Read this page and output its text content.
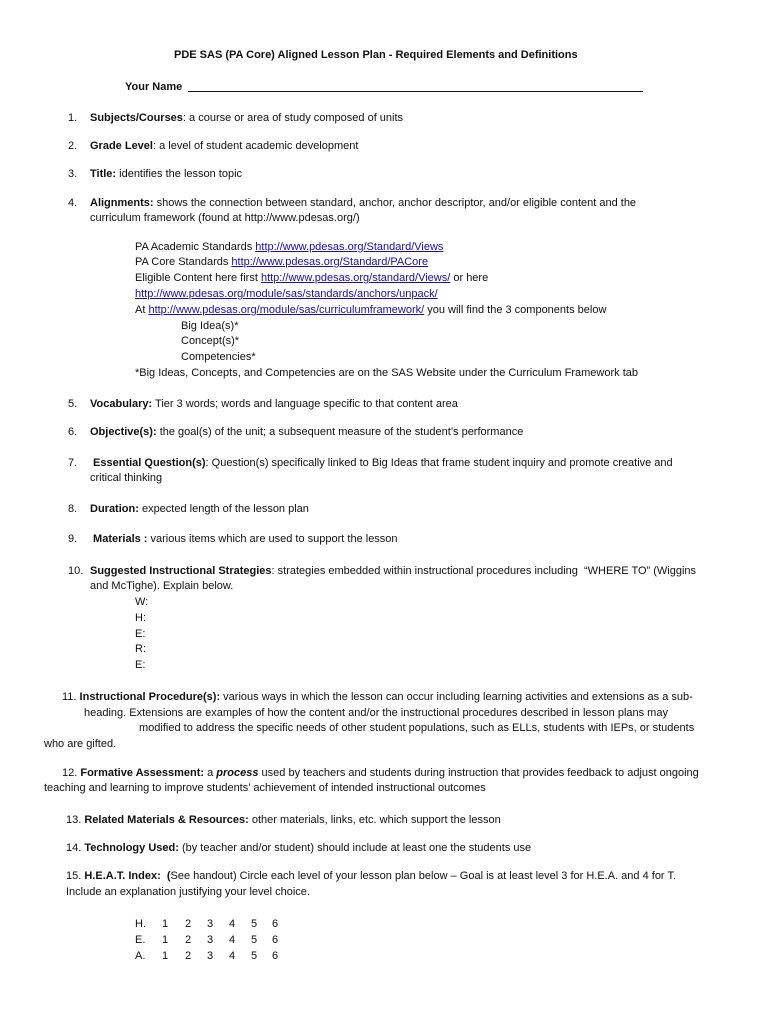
PDE SAS (PA Core) Aligned Lesson Plan - Required Elements and Definitions
Your Name
1.	Subjects/Courses: a course or area of study composed of units
2.	Grade Level: a level of student academic development
3.	Title: identifies the lesson topic
4.	Alignments: shows the connection between standard, anchor, anchor descriptor, and/or eligible content and the
curriculum framework (found at http://www.pdesas.org/)
PA Academic Standards http://www.pdesas.org/Standard/Views
PA Core Standards http://www.pdesas.org/Standard/PACore
Eligible Content here first http://www.pdesas.org/standard/Views/ or here
http://www.pdesas.org/module/sas/standards/anchors/unpack/
At http://www.pdesas.org/module/sas/curriculumframework/ you will find the 3 components below
Big Idea(s)*
Concept(s)*
Competencies*
*Big Ideas, Concepts, and Competencies are on the SAS Website under the Curriculum Framework tab
5.	Vocabulary: Tier 3 words; words and language specific to that content area
6.	Objective(s): the goal(s) of the unit; a subsequent measure of the student’s performance
7.	Essential Question(s): Question(s) specifically linked to Big Ideas that frame student inquiry and promote creative and
critical thinking
8.	Duration: expected length of the lesson plan
9.	Materials : various items which are used to support the lesson
10. Suggested Instructional Strategies: strategies embedded within instructional procedures including  “WHERE TO” (Wiggins
and McTighe). Explain below.
W:
H:
E:
R:
E:
11. Instructional Procedure(s): various ways in which the lesson can occur including learning activities and extensions as a sub-
heading. Extensions are examples of how the content and/or the instructional procedures described in lesson plans may
modified to address the specific needs of other student populations, such as ELLs, students with IEPs, or students
who are gifted.
12. Formative Assessment: a process used by teachers and students during instruction that provides feedback to adjust ongoing
teaching and learning to improve students’ achievement of intended instructional outcomes
13. Related Materials & Resources: other materials, links, etc. which support the lesson
14. Technology Used: (by teacher and/or student) should include at least one the students use
15. H.E.A.T. Index:  (See handout) Circle each level of your lesson plan below – Goal is at least level 3 for H.E.A. and 4 for T.
Include an explanation justifying your level choice.
H. 1 2 3 4 5 6
E. 1 2 3 4 5 6
A. 1 2 3 4 5 6
